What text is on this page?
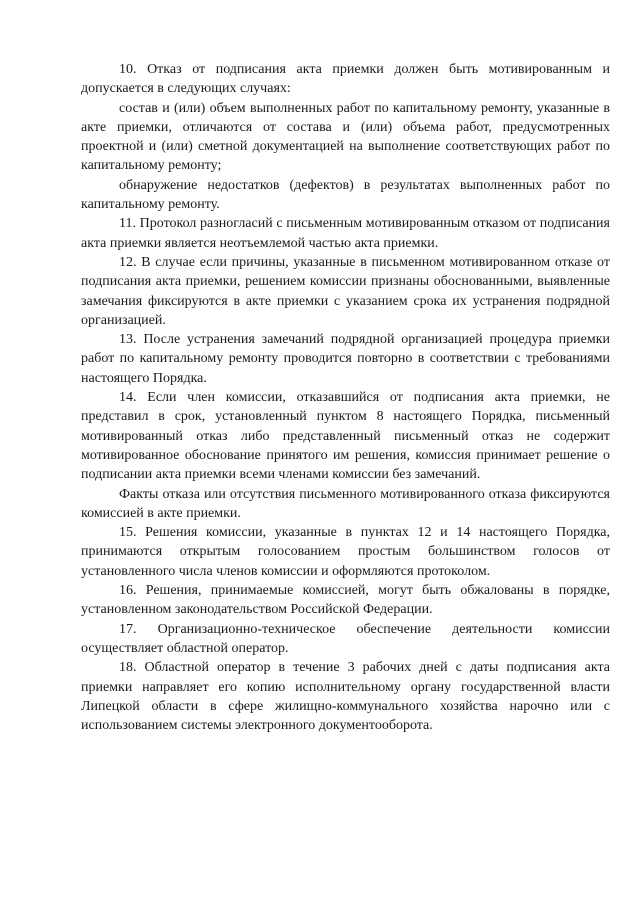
10. Отказ от подписания акта приемки должен быть мотивированным и допускается в следующих случаях:

состав и (или) объем выполненных работ по капитальному ремонту, указанные в акте приемки, отличаются от состава и (или) объема работ, предусмотренных проектной и (или) сметной документацией на выполнение соответствующих работ по капитальному ремонту;

обнаружение недостатков (дефектов) в результатах выполненных работ по капитальному ремонту.

11. Протокол разногласий с письменным мотивированным отказом от подписания акта приемки является неотъемлемой частью акта приемки.

12. В случае если причины, указанные в письменном мотивированном отказе от подписания акта приемки, решением комиссии признаны обоснованными, выявленные замечания фиксируются в акте приемки с указанием срока их устранения подрядной организацией.

13. После устранения замечаний подрядной организацией процедура приемки работ по капитальному ремонту проводится повторно в соответствии с требованиями настоящего Порядка.

14. Если член комиссии, отказавшийся от подписания акта приемки, не представил в срок, установленный пунктом 8 настоящего Порядка, письменный мотивированный отказ либо представленный письменный отказ не содержит мотивированное обоснование принятого им решения, комиссия принимает решение о подписании акта приемки всеми членами комиссии без замечаний.

Факты отказа или отсутствия письменного мотивированного отказа фиксируются комиссией в акте приемки.

15. Решения комиссии, указанные в пунктах 12 и 14 настоящего Порядка, принимаются открытым голосованием простым большинством голосов от установленного числа членов комиссии и оформляются протоколом.

16. Решения, принимаемые комиссией, могут быть обжалованы в порядке, установленном законодательством Российской Федерации.

17. Организационно-техническое обеспечение деятельности комиссии осуществляет областной оператор.

18. Областной оператор в течение 3 рабочих дней с даты подписания акта приемки направляет его копию исполнительному органу государственной власти Липецкой области в сфере жилищно-коммунального хозяйства нарочно или с использованием системы электронного документооборота.
